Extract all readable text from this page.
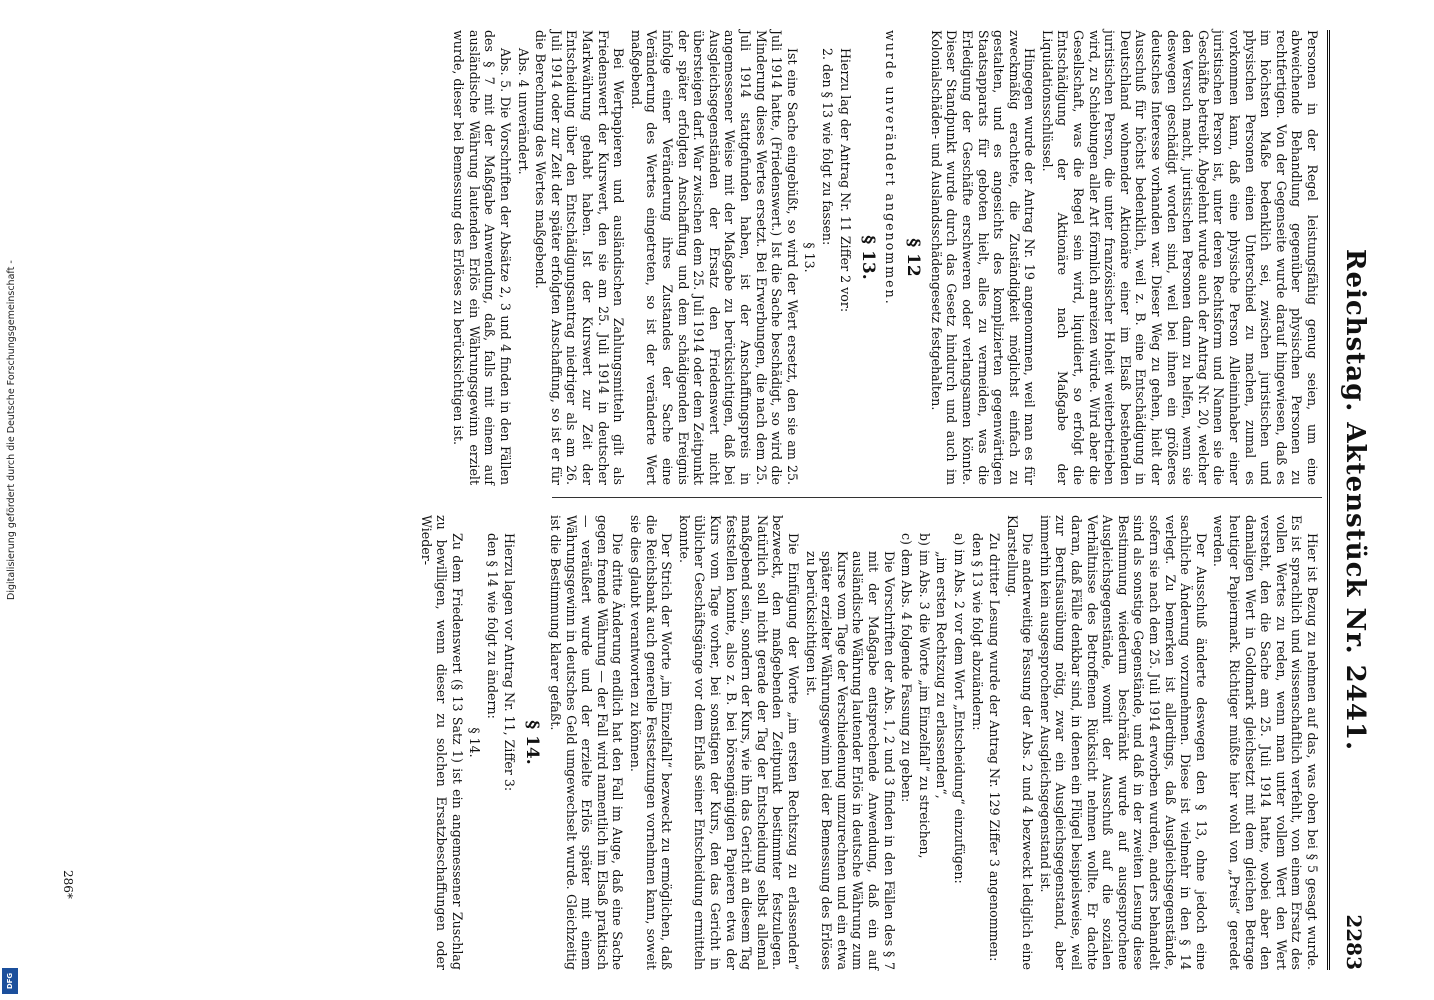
Reichstag. Aktenstück Nr. 2441.
2283

Personen in der Regel leistungsfähig genug seien, um eine abweichende Behandlung gegenüber physischen Personen zu rechtfertigen. Von der Gegenseite wurde darauf hingewiesen, daß es im höchsten Maße bedenklich sei, zwischen juristischen und physischen Personen einen Unterschied zu machen, zumal es vorkommen kann, daß eine physische Person Alleininhaber einer juristischen Person ist, unter deren Rechtsform und Namen sie die Geschäfte betreibt. Abgelehnt wurde auch der Antrag Nr. 20, welcher den Versuch macht, juristischen Personen dann zu helfen, wenn sie deswegen geschädigt worden sind, weil bei ihnen ein größeres deutsches Interesse vorhanden war. Dieser Weg zu gehen, hielt der Ausschuß für höchst bedenklich, weil z. B. eine Entschädigung in Deutschland wohnender Aktionäre einer im Elsaß bestehenden juristischen Person, die unter französischer Hoheit weiterbetrieben wird, zu Schiebungen aller Art förmlich anreizen würde. Wird aber die Gesellschaft, was die Regel sein wird, liquidiert, so erfolgt die Entschädigung der Aktionäre nach Maßgabe der Liquidationsschlüssel.

Hingegen wurde der Antrag Nr. 19 angenommen, weil man es für zweckmäßig erachtete, die Zuständigkeit möglichst einfach zu gestalten, und es angesichts des komplizierten gegenwärtigen Staatsapparats für geboten hielt, alles zu vermeiden, was die Erledigung der Geschäfte erschweren oder verlangsamen könnte. Dieser Standpunkt wurde durch das Gesetz hindurch und auch im Kolonialschäden- und Auslandsschädengesetz festgehalten.

§ 12

wurde unverändert angenommen.

§ 13.

Hierzu lag der Antrag Nr. 11 Ziffer 2 vor:

2. den § 13 wie folgt zu fassen:

§ 13.

Ist eine Sache eingebüßt, so wird der Wert ersetzt, den sie am 25. Juli 1914 hatte, (Friedenswert.) Ist die Sache beschädigt, so wird die Minderung dieses Wertes ersetzt. Bei Erwerbungen, die nach dem 25. Juli 1914 stattgefunden haben, ist der Anschaffungspreis in angemessener Weise mit der Maßgabe zu berücksichtigen, daß bei Ausgleichsgegenständen der Ersatz den Friedenswert nicht übersteigen darf. War zwischen dem 25. Juli 1914 oder dem Zeitpunkt der später erfolgten Anschaffung und dem schädigenden Ereignis infolge einer Veränderung ihres Zustandes der Sache eine Veränderung des Wertes eingetreten, so ist der veränderte Wert maßgebend.

Bei Wertpapieren und ausländischen Zahlungsmitteln gilt als Friedenswert der Kurswert, den sie am 25. Juli 1914 in deutscher Markwährung gehabt haben. Ist der Kurswert zur Zeit der Entscheidung über den Entschädigungsantrag niedriger als am 26. Juli 1914 oder zur Zeit der später erfolgten Anschaffung, so ist er für die Berechnung des Wertes maßgebend.

Abs. 4 unverändert.

Abs. 5. Die Vorschriften der Absätze 2, 3 und 4 finden in den Fällen des § 7 mit der Maßgabe Anwendung, daß, falls mit einem auf ausländische Währung lautenden Erlös ein Währungsgewinn erzielt wurde, dieser bei Bemessung des Erlöses zu berücksichtigen ist.

Hier ist Bezug zu nehmen auf das, was oben bei § 5 gesagt wurde. Es ist sprachlich und wissenschaftlich verfehlt, von einem Ersatz des vollen Wertes zu reden, wenn man unter vollem Wert den Wert versteht, den die Sache am 25. Juli 1914 hatte, wobei aber den damaligen Wert in Goldmark gleichsetzt mit dem gleichen Betrage heutiger Papiermark. Richtiger müßte hier wohl von „Preis“ geredet werden.

Der Ausschuß änderte deswegen den § 13, ohne jedoch eine sachliche Änderung vorzunehmen. Diese ist vielmehr in den § 14 verlegt. Zu bemerken ist allerdings, daß Ausgleichsgegenstände, sofern sie nach dem 25. Juli 1914 erworben wurden, anders behandelt sind als sonstige Gegenstände, und daß in der zweiten Lesung diese Bestimmung wiederum beschränkt wurde auf ausgesprochene Ausgleichsgegenstände, womit der Ausschuß auf die sozialen Verhältnisse des Betroffenen Rücksicht nehmen wollte. Er dachte daran, daß Fälle denkbar sind, in denen ein Flügel beispielsweise, weil zur Berufsausübung nötig, zwar ein Ausgleichsgegenstand, aber immerhin kein ausgesprochener Ausgleichsgegenstand ist.

Die anderweitige Fassung der Abs. 2 und 4 bezweckt lediglich eine Klarstellung.

Zu dritter Lesung wurde der Antrag Nr. 129 Ziffer 3 angenommen:

den § 13 wie folgt abzuändern:

a) im Abs. 2 vor dem Wort „Entscheidung“ einzufügen:

„im ersten Rechtszug zu erlassenden“,

b) im Abs. 3 die Worte „im Einzelfall“ zu streichen,

c) dem Abs. 4 folgende Fassung zu geben:

Die Vorschriften der Abs. 1, 2 und 3 finden in den Fällen des § 7 mit der Maßgabe entsprechende Anwendung, daß ein auf ausländische Währung lautender Erlös in deutsche Währung zum Kurse vom Tage der Verschiedenung umzurechnen und ein etwa später erzielter Währungsgewinn bei der Bemessung des Erlöses zu berücksichtigen ist.

Die Einfügung der Worte „im ersten Rechtszug zu erlassenden“ bezweckt, den maßgebenden Zeitpunkt bestimmter festzulegen. Natürlich soll nicht gerade der Tag der Entscheidung selbst allemal maßgebend sein, sondern der Kurs, wie ihn das Gericht an diesem Tag feststellen konnte, also z. B. bei börsengängigen Papieren etwa der Kurs vom Tage vorher, bei sonstigen der Kurs, den das Gericht in üblicher Geschäftsgänge vor dem Erlaß seiner Entscheidung ermitteln konnte.

Der Strich der Worte „im Einzelfall“ bezweckt zu ermöglichen, daß die Reichsbank auch generelle Festsetzungen vornehmen kann, soweit sie dies glaubt verantworten zu können.

Die dritte Änderung endlich hat den Fall im Auge, daß eine Sache gegen fremde Währung — der Fall wird namentlich im Elsaß praktisch — veräußert wurde und der erzielte Erlös später mit einem Währungsgewinn in deutsches Geld umgewechselt wurde. Gleichzeitig ist die Bestimmung klarer gefaßt.

§ 14.

Hierzu lagen vor Antrag Nr. 11, Ziffer 3:

den § 14 wie folgt zu ändern:

§ 14.

Zu dem Friedenswert (§ 13 Satz 1) ist ein angemessener Zuschlag zu bewilligen, wenn dieser zu solchen Ersatzbeschaffungen oder Wieder-

286*
Digitalisierung gefördert durch die Deutsche Forschungsgemeinschaft -
DFG
